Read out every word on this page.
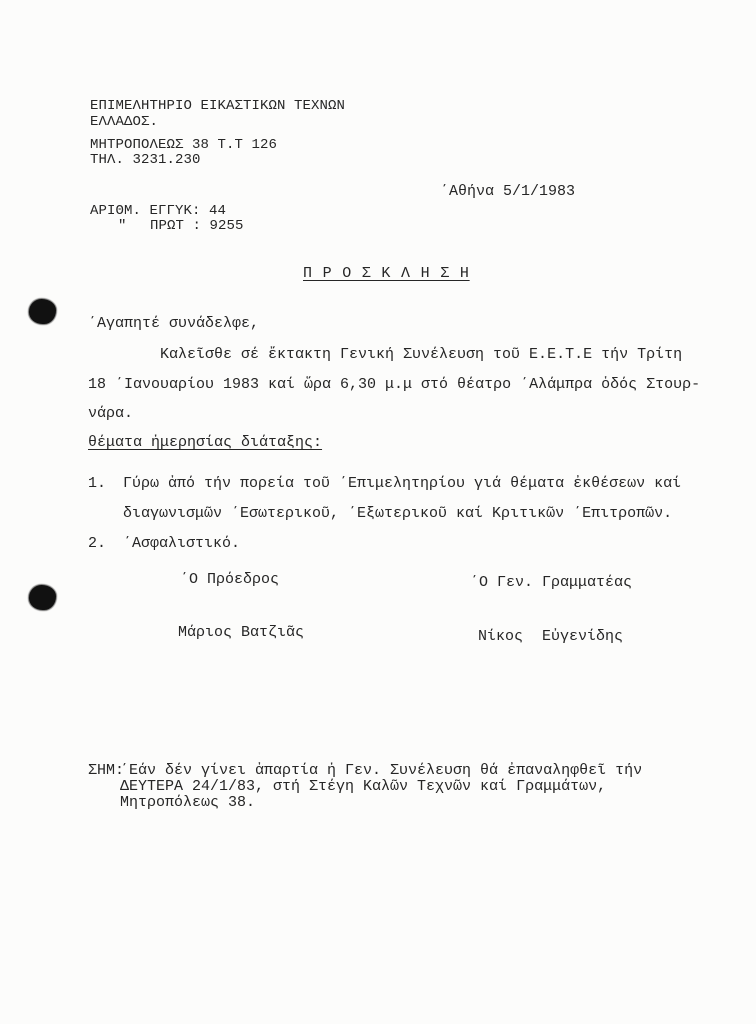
ΕΠΙΜΕΛΗΤΗΡΙΟ ΕΙΚΑΣΤΙΚΩΝ ΤΕΧΝΩΝ
ΕΛΛΑΔΟΣ.
ΜΗΤΡΟΠΟΛΕΩΣ 38 Τ.Τ 126
ΤΗΛ. 3231.230
΄Αθήνα 5/1/1983
ΑΡΙΘΜ. ΕΓΓΥΚ: 44
" ΠΡΩΤ : 9255
Π Ρ Ο Σ Κ Λ Η Σ Η
΄Αγαπητέ συνάδελφε,
Καλεῖσθε σέ ἔκτακτη Γενική Συνέλευση τοῦ Ε.Ε.Τ.Ε τήν Τρίτη
18 ΄Ιανουαρίου 1983 καί ὥρα 6,30 μ.μ στό θέατρο ΄Αλάμπρα ὁδός Στουρ-
νάρα.
θέματα ἡμερησίας διάταξης:
1. Γύρω ἀπό τήν πορεία τοῦ ΄Επιμελητηρίου γιά θέματα ἐκθέσεων καί
διαγωνισμῶν ΄Εσωτερικοῦ, ΄Εξωτερικοῦ καί Κριτικῶν ΄Επιτροπῶν.
2. ΄Ασφαλιστικό.
΄Ο Πρόεδρος	΄Ο Γεν. Γραμματέας
Μάριος Βατζιᾶς	Νίκος Εὐγενίδης
ΣΗΜ:
΄Εάν δέν γίνει ἀπαρτία ἡ Γεν. Συνέλευση θά ἐπαναληφθεῖ τήν
ΔΕΥΤΕΡΑ 24/1/83, στή Στέγη Καλῶν Τεχνῶν καί Γραμμάτων,
Μητροπόλεως 38.
